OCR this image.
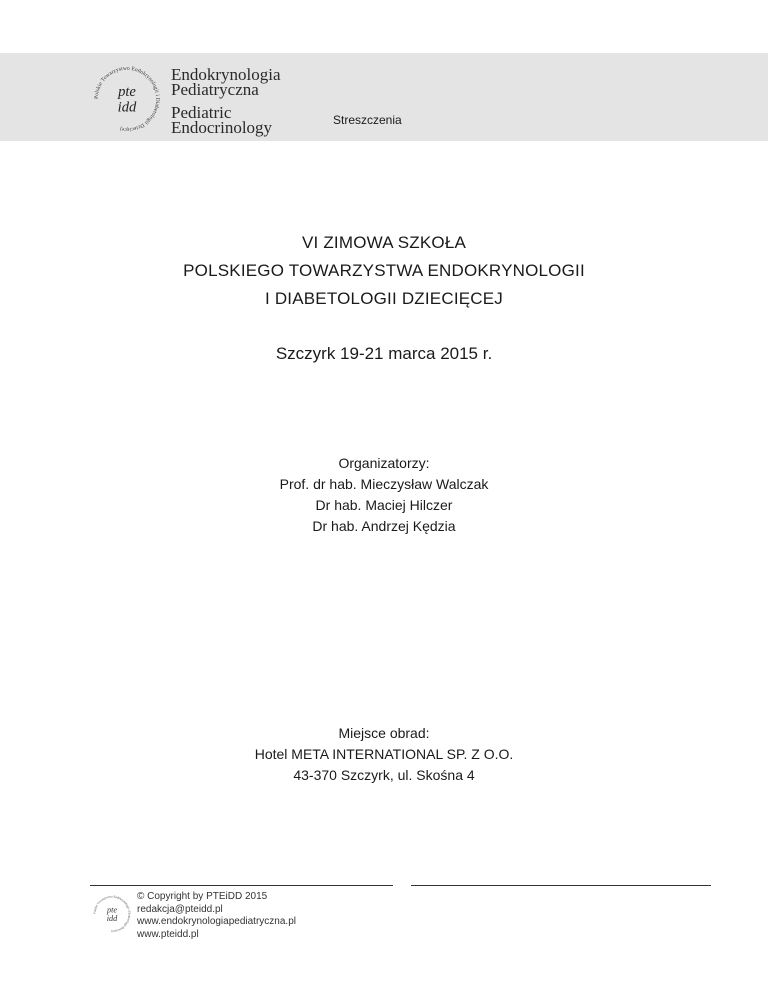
Polskie Towarzystwo Endokrynologii i Diabetologii Dziecięcej
pte
idd
Endokrynologia
Pediatryczna
Pediatric
Endocrinology	Streszczenia
VI ZIMOWA SZKOŁA
POLSKIEGO TOWARZYSTWA ENDOKRYNOLOGII
I DIABETOLOGII DZIECIĘCEJ
Szczyrk 19-21 marca 2015 r.
Organizatorzy:
Prof. dr hab. Mieczysław Walczak
Dr hab. Maciej Hilczer
Dr hab. Andrzej Kędzia
Miejsce obrad:
Hotel META INTERNATIONAL SP. Z O.O.
43-370 Szczyrk, ul. Skośna 4
Polskie Towarzystwo Endokrynologii i Diabetologii Dziecięcej
pte
idd
© Copyright by PTEiDD 2015
redakcja@pteidd.pl
www.endokrynologiapediatryczna.pl
www.pteidd.pl
